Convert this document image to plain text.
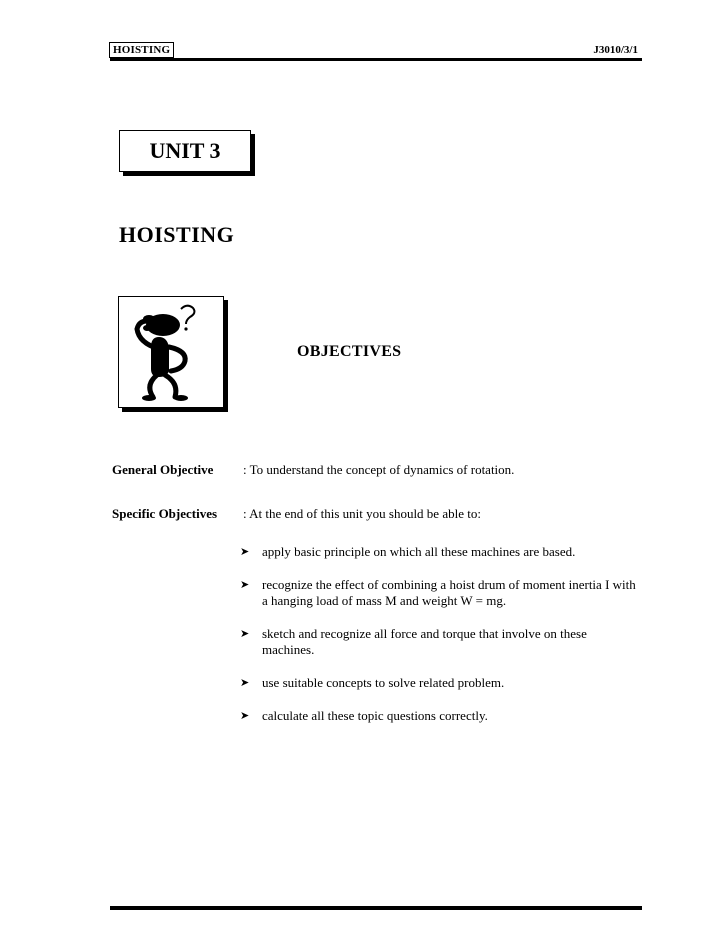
HOISTING	J3010/3/1
UNIT 3
HOISTING
OBJECTIVES
General Objective : To understand the concept of dynamics of rotation.
Specific Objectives : At the end of this unit you should be able to:
➤ apply basic principle on which all these machines are based.
➤ recognize the effect of combining a hoist drum of moment inertia I with a hanging load of mass M and weight W = mg.
➤ sketch and recognize all force and torque that involve on these machines.
➤ use suitable concepts to solve related problem.
➤ calculate all these topic questions correctly.
